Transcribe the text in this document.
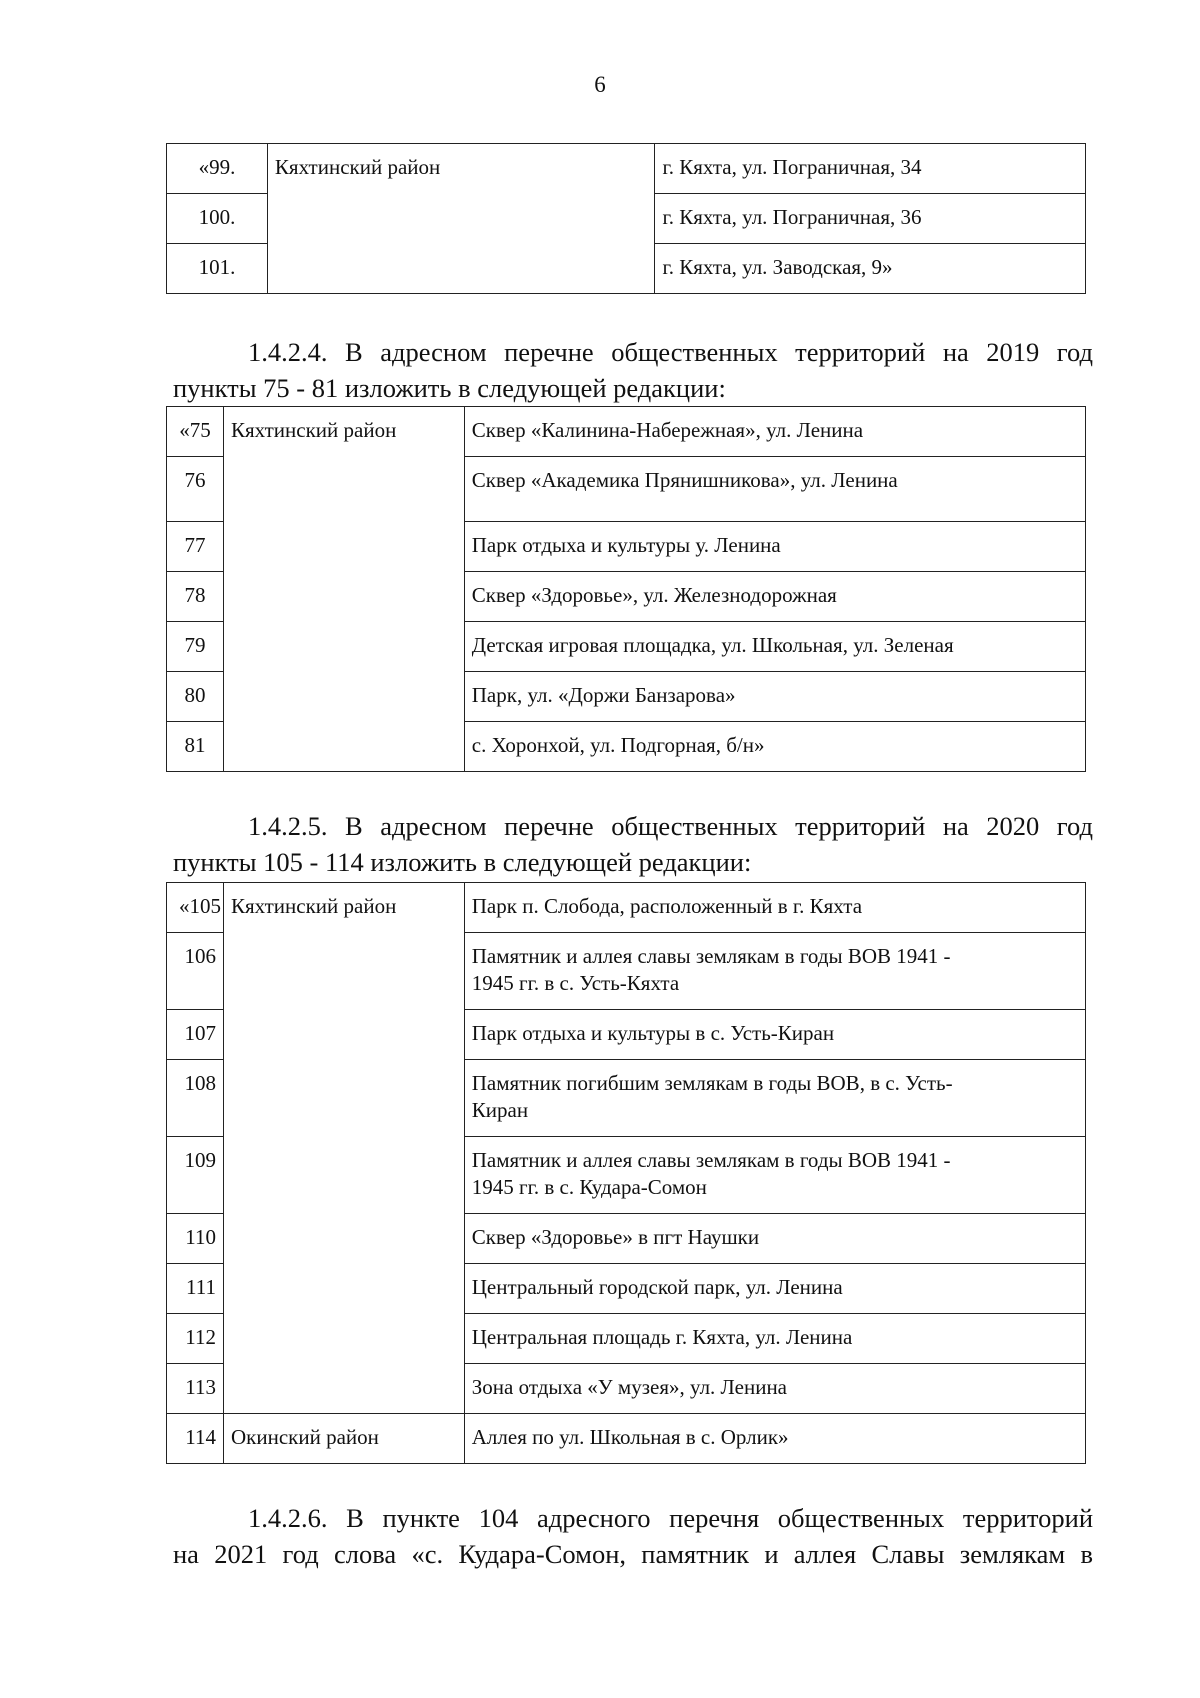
6
«99.	Кяхтинский район	г. Кяхта, ул. Пограничная, 34
100.		г. Кяхта, ул. Пограничная, 36
101.		г. Кяхта, ул. Заводская, 9»
1.4.2.4. В адресном перечне общественных территорий на 2019 год
пункты 75 - 81 изложить в следующей редакции:
«75	Кяхтинский район	Сквер «Калинина-Набережная», ул. Ленина
76		Сквер «Академика Прянишникова», ул. Ленина
77		Парк отдыха и культуры у. Ленина
78		Сквер «Здоровье», ул. Железнодорожная
79		Детская игровая площадка, ул. Школьная, ул. Зеленая
80		Парк, ул. «Доржи Банзарова»
81		с. Хоронхой, ул. Подгорная, б/н»
1.4.2.5. В адресном перечне общественных территорий на 2020 год
пункты 105 - 114 изложить в следующей редакции:
«105	Кяхтинский район	Парк п. Слобода, расположенный в г. Кяхта
106		Памятник и аллея славы землякам в годы ВОВ 1941 -
1945 гг. в с. Усть-Кяхта

107		Парк отдыха и культуры в с. Усть-Киран
108		Памятник погибшим землякам в годы ВОВ, в с. Усть-
Киран

109		Памятник и аллея славы землякам в годы ВОВ 1941 -
1945 гг. в с. Кудара-Сомон

110		Сквер «Здоровье» в пгт Наушки
111		Центральный городской парк, ул. Ленина
112		Центральная площадь г. Кяхта, ул. Ленина
113		Зона отдыха «У музея», ул. Ленина
114	Окинский район	Аллея по ул. Школьная в с. Орлик»
1.4.2.6. В пункте 104 адресного перечня общественных территорий
на 2021 год слова «с. Кудара-Сомон, памятник и аллея Славы землякам в
